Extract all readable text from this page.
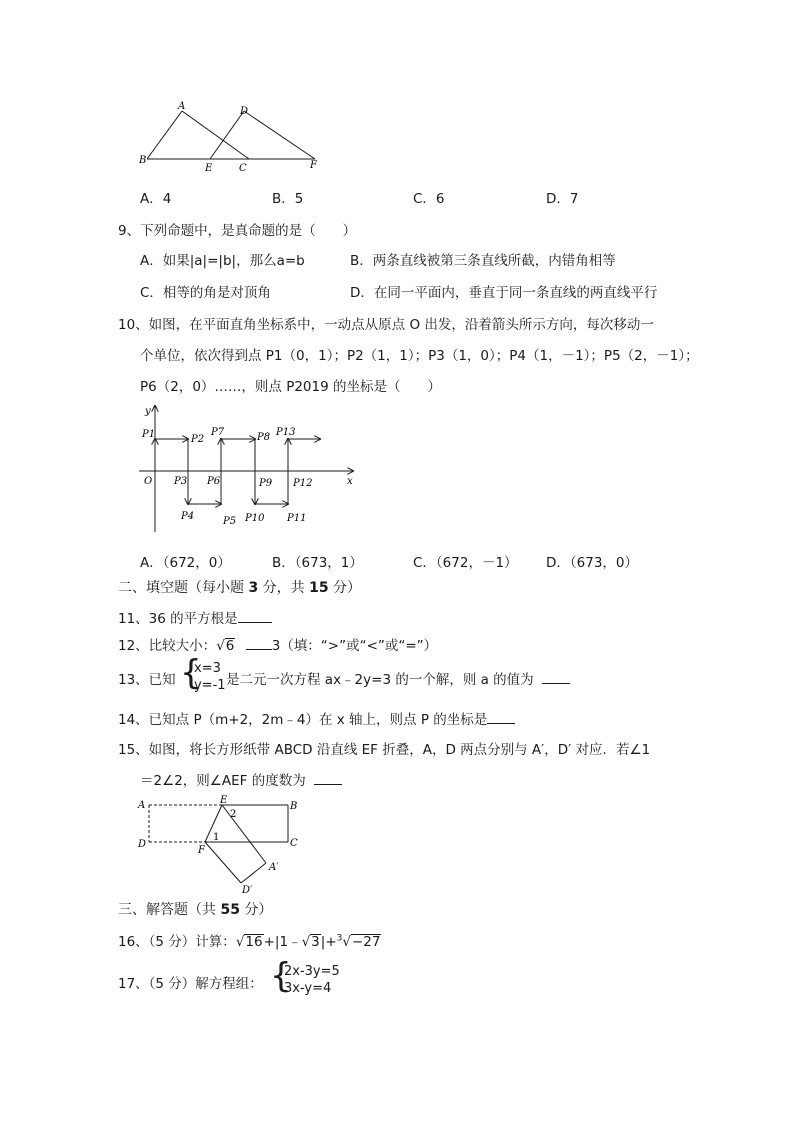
A	D
B
E	C	F
A．4	B．5	C．6	D．7
9、下列命题中，是真命题的是（　　）
A．如果|a|=|b|，那么a=b	B．两条直线被第三条直线所截，内错角相等
C．相等的角是对顶角	D．在同一平面内，垂直于同一条直线的两直线平行
10、如图，在平面直角坐标系中，一动点从原点 O 出发，沿着箭头所示方向，每次移动一
个单位，依次得到点 P1（0，1）；P2（1，1）；P3（1，0）；P4（1，－1）；P5（2，－1）；
P6（2，0）……，则点 P2019 的坐标是（　　）
y
x
O
P1	P2
P7	P8 P13
P3 P6	P9 P12
P4	P5 P10 P11
A．（672，0）	B．（673，1）	C．（672，－1） D．（673，0）
二、填空题（每小题 3 分，共 15 分）
11、36 的平方根是
12、比较大小：√6	3（填：“>”或“<”或“=”）
13、已知 {
x=3
y=-1 是二元一次方程 ax﹣2y=3 的一个解，则 a 的值为
14、已知点 P（m+2，2m﹣4）在 x 轴上，则点 P 的坐标是
15、如图，将长方形纸带 ABCD 沿直线 EF 折叠，A，D 两点分别与 A′，D′ 对应．若∠1
＝2∠2，则∠AEF 的度数为
A	E
B
D	C
F
A′
D′
1
2
三、解答题（共 55 分）
16、（5 分）计算：√16+|1﹣√3|+$^3$√−27
17、（5 分）解方程组： {
2x-3y=5
3x-y=4
